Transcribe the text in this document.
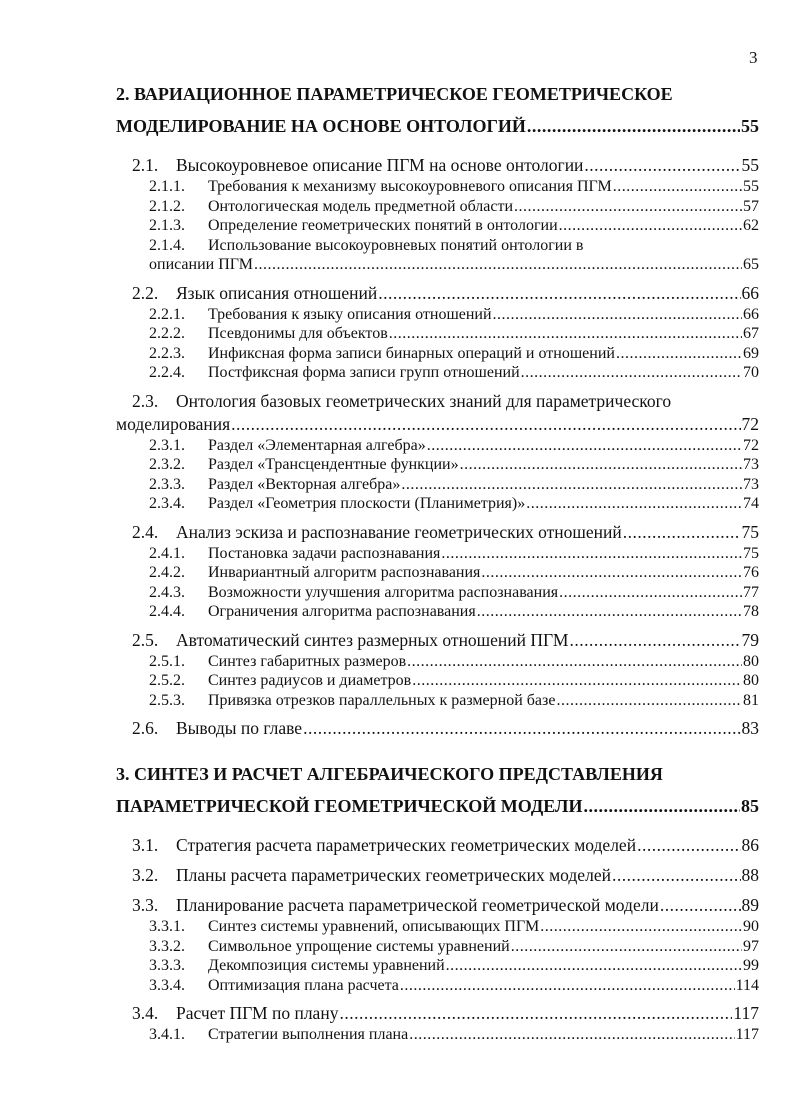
3
2. ВАРИАЦИОННОЕ ПАРАМЕТРИЧЕСКОЕ ГЕОМЕТРИЧЕСКОЕ
МОДЕЛИРОВАНИЕ НА ОСНОВЕ ОНТОЛОГИЙ .....	55
2.1.	Высокоуровневое описание ПГМ на основе онтологии .....	55
2.1.1.	Требования к механизму высокоуровневого описания ПГМ .....	55
2.1.2.	Онтологическая модель предметной области .....	57
2.1.3.	Определение геометрических понятий в онтологии .....	62
2.1.4. Использование высокоуровневых понятий онтологии в
описании ПГМ .....	65
2.2.	Язык описания отношений .....	66
2.2.1.	Требования к языку описания отношений .....	66
2.2.2.	Псевдонимы для объектов .....	67
2.2.3.	Инфиксная форма записи бинарных операций и отношений .....	69
2.2.4.	Постфиксная форма записи групп отношений .....	70
2.3. Онтология базовых геометрических знаний для параметрического
моделирования .....	72
2.3.1.	Раздел «Элементарная алгебра» .....	72
2.3.2.	Раздел «Трансцендентные функции» .....	73
2.3.3.	Раздел «Векторная алгебра» .....	73
2.3.4.	Раздел «Геометрия плоскости (Планиметрия)» .....	74
2.4.	Анализ эскиза и распознавание геометрических отношений .....	75
2.4.1.	Постановка задачи распознавания .....	75
2.4.2.	Инвариантный алгоритм распознавания .....	76
2.4.3.	Возможности улучшения алгоритма распознавания .....	77
2.4.4.	Ограничения алгоритма распознавания .....	78
2.5.	Автоматический синтез размерных отношений ПГМ .....	79
2.5.1.	Синтез габаритных размеров .....	80
2.5.2.	Синтез радиусов и диаметров .....	80
2.5.3.	Привязка отрезков параллельных к размерной базе .....	81
2.6.	Выводы по главе .....	83
3. СИНТЕЗ И РАСЧЕТ АЛГЕБРАИЧЕСКОГО ПРЕДСТАВЛЕНИЯ
ПАРАМЕТРИЧЕСКОЙ ГЕОМЕТРИЧЕСКОЙ МОДЕЛИ .....	85
3.1.	Стратегия расчета параметрических геометрических моделей .....	86
3.2.	Планы расчета параметрических геометрических моделей .....	88
3.3.	Планирование расчета параметрической геометрической модели .....	89
3.3.1.	Синтез системы уравнений, описывающих ПГМ .....	90
3.3.2.	Символьное упрощение системы уравнений .....	97
3.3.3.	Декомпозиция системы уравнений .....	99
3.3.4.	Оптимизация плана расчета .....	114
3.4.	Расчет ПГМ по плану .....	117
3.4.1.	Стратегии выполнения плана .....	117
